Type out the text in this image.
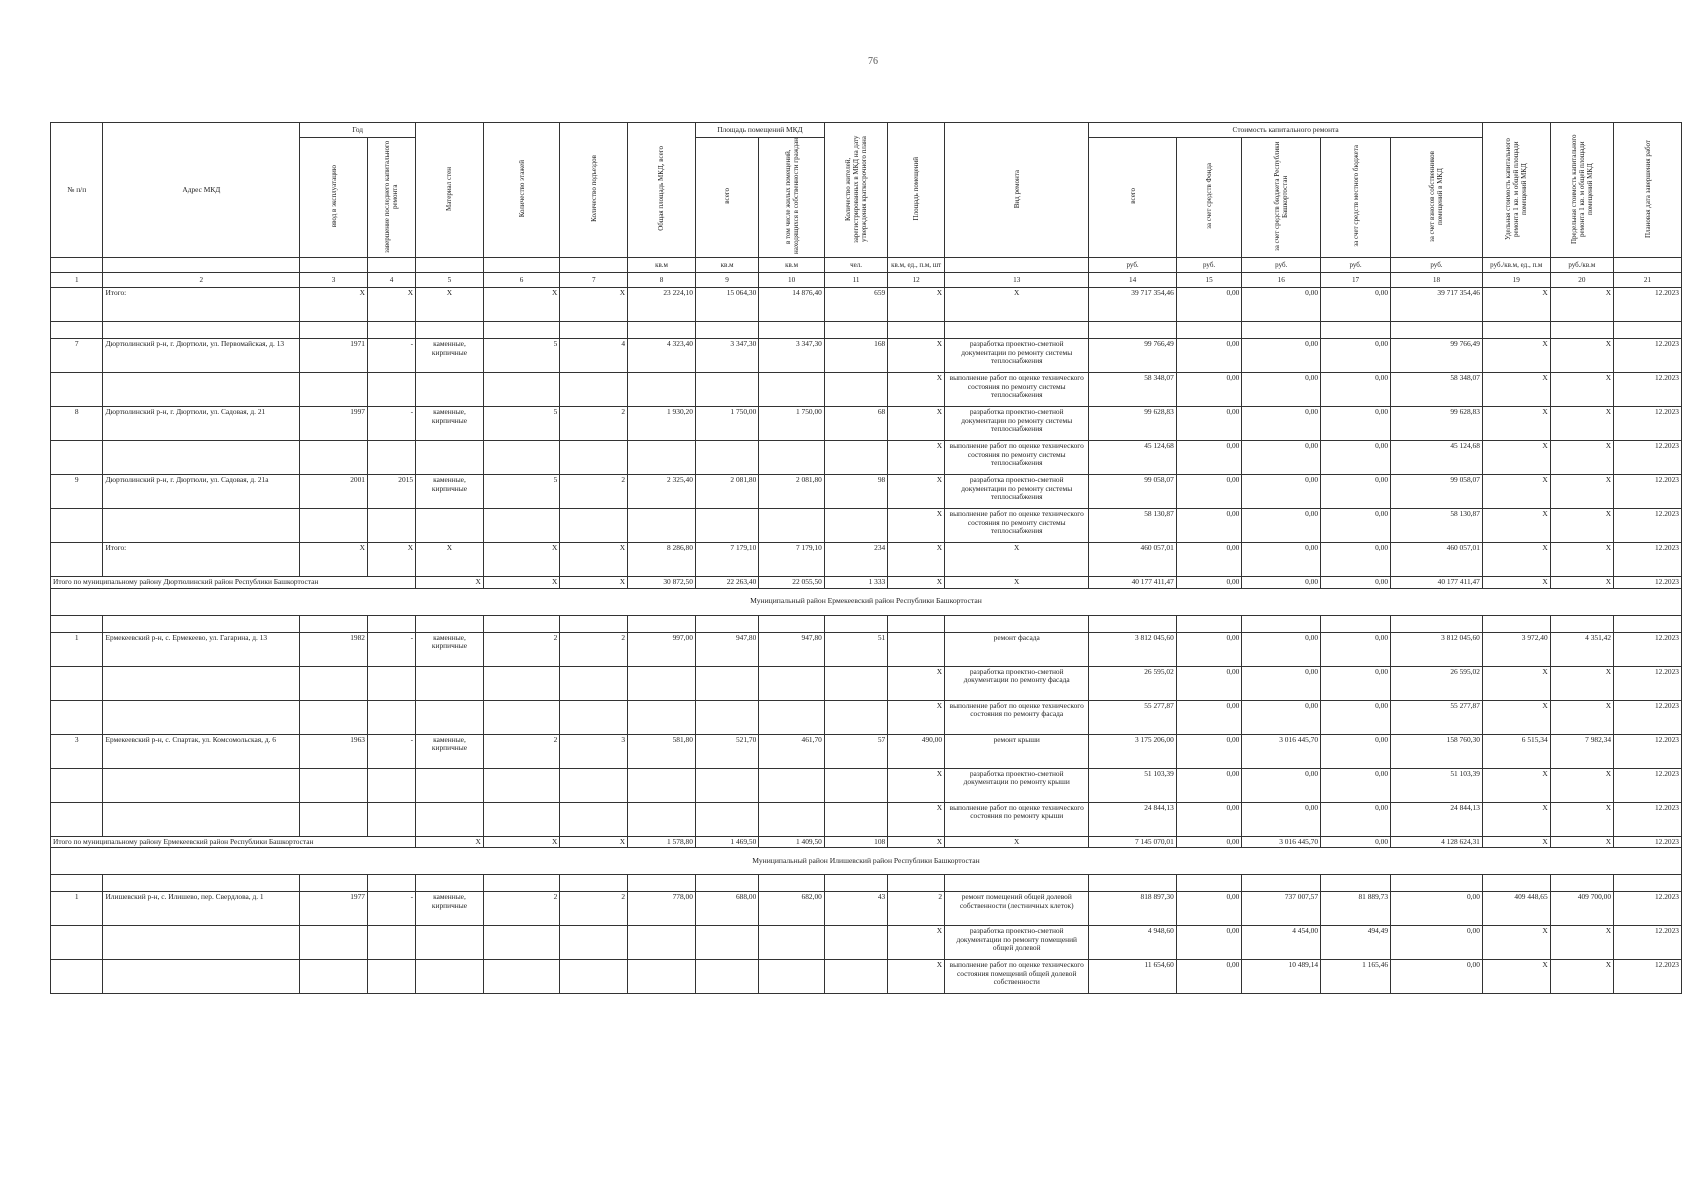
76
№ п/п	Адрес МКД	Год		Материал стен	Количество этажей	Количество подъездов	Общая площадь МКД, всего	Площадь помещений МКД		Количество жителей, зарегистрированных в МКД на дату утверждения краткосрочного плана	Площадь помещений	Вид ремонта	Стоимость капитального ремонта					Удельная стоимость капитального ремонта 1 кв. м общей площади помещений МКД	Предельная стоимость капитального ремонта 1 кв. м общей площади помещений МКД	Плановая дата завершения работ
		ввод в эксплуатацию	завершение последнего капитального ремонта					всего	в том числе жилых помещений, находящихся в собственности граждан				всего	за счет средств Фонда	за счет средств бюджета Республики Башкортостан	за счет средств местного бюджета	за счет взносов собственников помещений в МКД			
							кв.м	кв.м	кв.м	чел.	кв.м, ед., п.м, шт		руб.	руб.	руб.	руб.	руб.	руб./кв.м, ед., п.м	руб./кв.м	
1	2	3	4	5	6	7	8	9	10	11	12	13	14	15	16	17	18	19	20	21
	Итого:	X	X	X	X	X	23 224,10	15 064,30	14 876,40	659	X	X	39 717 354,46	0,00	0,00	0,00	39 717 354,46	X	X	12.2023

7	Дюртюлинский р-н, г. Дюртюли, ул. Первомайская, д. 13	1971	-	каменные, кирпичные	5	4	4 323,40	3 347,30	3 347,30	168	X	разработка проектно-сметной документации по ремонту системы теплоснабжения	99 766,49	0,00	0,00	0,00	99 766,49	X	X	12.2023
											X	выполнение работ по оценке технического состояния по ремонту системы теплоснабжения	58 348,07	0,00	0,00	0,00	58 348,07	X	X	12.2023
8	Дюртюлинский р-н, г. Дюртюли, ул. Садовая, д. 21	1997	-	каменные, кирпичные	5	2	1 930,20	1 750,00	1 750,00	68	X	разработка проектно-сметной документации по ремонту системы теплоснабжения	99 628,83	0,00	0,00	0,00	99 628,83	X	X	12.2023
											X	выполнение работ по оценке технического состояния по ремонту системы теплоснабжения	45 124,68	0,00	0,00	0,00	45 124,68	X	X	12.2023
9	Дюртюлинский р-н, г. Дюртюли, ул. Садовая, д. 21а	2001	2015	каменные, кирпичные	5	2	2 325,40	2 081,80	2 081,80	98	X	разработка проектно-сметной документации по ремонту системы теплоснабжения	99 058,07	0,00	0,00	0,00	99 058,07	X	X	12.2023
											X	выполнение работ по оценке технического состояния по ремонту системы теплоснабжения	58 130,87	0,00	0,00	0,00	58 130,87	X	X	12.2023
	Итого:	X	X	X	X	X	8 286,80	7 179,10	7 179,10	234	X	X	460 057,01	0,00	0,00	0,00	460 057,01	X	X	12.2023
Итого по муниципальному району Дюртюлинский район Республики Башкортостан				X	X	X	30 872,50	22 263,40	22 055,50	1 333	X	X	40 177 411,47	0,00	0,00	0,00	40 177 411,47	X	X	12.2023
Муниципальный район Ермекеевский район Республики Башкортостан																				

1	Ермекеевский р-н, с. Ермекеево, ул. Гагарина, д. 13	1982	-	каменные, кирпичные	2	2	997,00	947,80	947,80	51		ремонт фасада	3 812 045,60	0,00	0,00	0,00	3 812 045,60	3 972,40	4 351,42	12.2023
											X	разработка проектно-сметной документации по ремонту фасада	26 595,02	0,00	0,00	0,00	26 595,02	X	X	12.2023
											X	выполнение работ по оценке технического состояния по ремонту фасада	55 277,87	0,00	0,00	0,00	55 277,87	X	X	12.2023
3	Ермекеевский р-н, с. Спартак, ул. Комсомольская, д. 6	1963	-	каменные, кирпичные	2	3	581,80	521,70	461,70	57	490,00	ремонт крыши	3 175 206,00	0,00	3 016 445,70	0,00	158 760,30	6 515,34	7 982,34	12.2023
											X	разработка проектно-сметной документации по ремонту крыши	51 103,39	0,00	0,00	0,00	51 103,39	X	X	12.2023
											X	выполнение работ по оценке технического состояния по ремонту крыши	24 844,13	0,00	0,00	0,00	24 844,13	X	X	12.2023
Итого по муниципальному району Ермекеевский район Республики Башкортостан				X	X	X	1 578,80	1 469,50	1 409,50	108	X	X	7 145 070,01	0,00	3 016 445,70	0,00	4 128 624,31	X	X	12.2023
Муниципальный район Илишевский район Республики Башкортостан																				

1	Илишевский р-н, с. Илишево, пер. Свердлова, д. 1	1977	-	каменные, кирпичные	2	2	778,00	688,00	682,00	43	2	ремонт помещений общей долевой собственности (лестничных клеток)	818 897,30	0,00	737 007,57	81 889,73	0,00	409 448,65	409 700,00	12.2023
											X	разработка проектно-сметной документации по ремонту помещений общей долевой	4 948,60	0,00	4 454,00	494,49	0,00	X	X	12.2023
											X	выполнение работ по оценке технического состояния помещений общей долевой собственности	11 654,60	0,00	10 489,14	1 165,46	0,00	X	X	12.2023
